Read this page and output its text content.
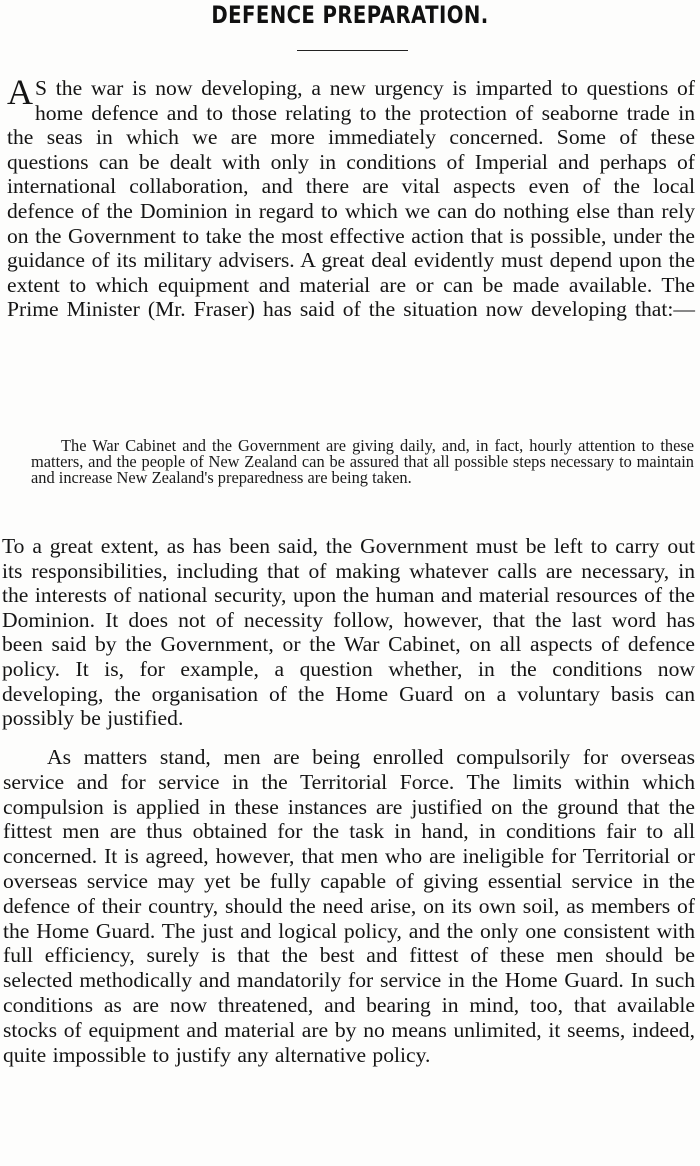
DEFENCE PREPARATION.
A S the war is now developing, a new urgency is imparted to questions of home defence and to those relating to the protection of seaborne trade in the seas in which we are more immediately concerned. Some of these questions can be dealt with only in conditions of Imperial and perhaps of international collaboration, and there are vital aspects even of the local defence of the Dominion in regard to which we can do nothing else than rely on the Government to take the most effective action that is possible, under the guidance of its military advisers. A great deal evidently must depend upon the extent to which equipment and material are or can be made available. The Prime Minister (Mr. Fraser) has said of the situation now developing that:—

The War Cabinet and the Government are giving daily, and, in fact, hourly attention to these matters, and the people of New Zealand can be assured that all possible steps necessary to maintain and increase New Zealand's preparedness are being taken.

To a great extent, as has been said, the Government must be left to carry out its responsibilities, including that of making whatever calls are necessary, in the interests of national security, upon the human and material resources of the Dominion. It does not of necessity follow, however, that the last word has been said by the Government, or the War Cabinet, on all aspects of defence policy. It is, for example, a question whether, in the conditions now developing, the organisation of the Home Guard on a voluntary basis can possibly be justified.

As matters stand, men are being enrolled compulsorily for overseas service and for service in the Territorial Force. The limits within which compulsion is applied in these instances are justified on the ground that the fittest men are thus obtained for the task in hand, in conditions fair to all concerned. It is agreed, however, that men who are ineligible for Territorial or overseas service may yet be fully capable of giving essential service in the defence of their country, should the need arise, on its own soil, as members of the Home Guard. The just and logical policy, and the only one consistent with full efficiency, surely is that the best and fittest of these men should be selected methodically and mandatorily for service in the Home Guard. In such conditions as are now threatened, and bearing in mind, too, that available stocks of equipment and material are by no means unlimited, it seems, indeed, quite impossible to justify any alternative policy.
